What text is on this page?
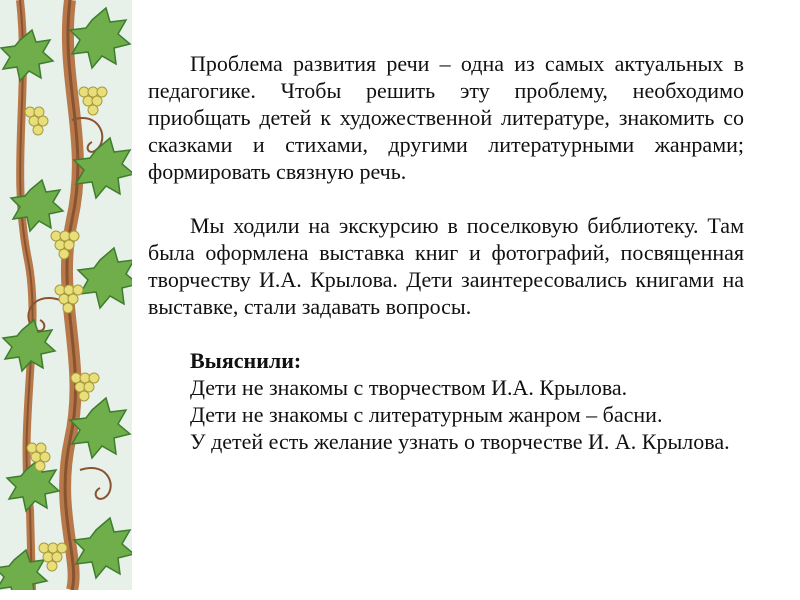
Проблема развития речи – одна из самых актуальных в педагогике. Чтобы решить эту проблему, необходимо приобщать детей к художественной литературе, знакомить со сказками и стихами, другими литературными жанрами; формировать связную речь.

Мы ходили на экскурсию в поселковую библиотеку. Там была оформлена выставка книг и фотографий, посвященная творчеству И.А. Крылова. Дети заинтересовались книгами на выставке, стали задавать вопросы.

Выяснили:

Дети не знакомы с творчеством И.А. Крылова.

Дети не знакомы с литературным жанром – басни.

У детей есть желание узнать о творчестве И. А. Крылова.
